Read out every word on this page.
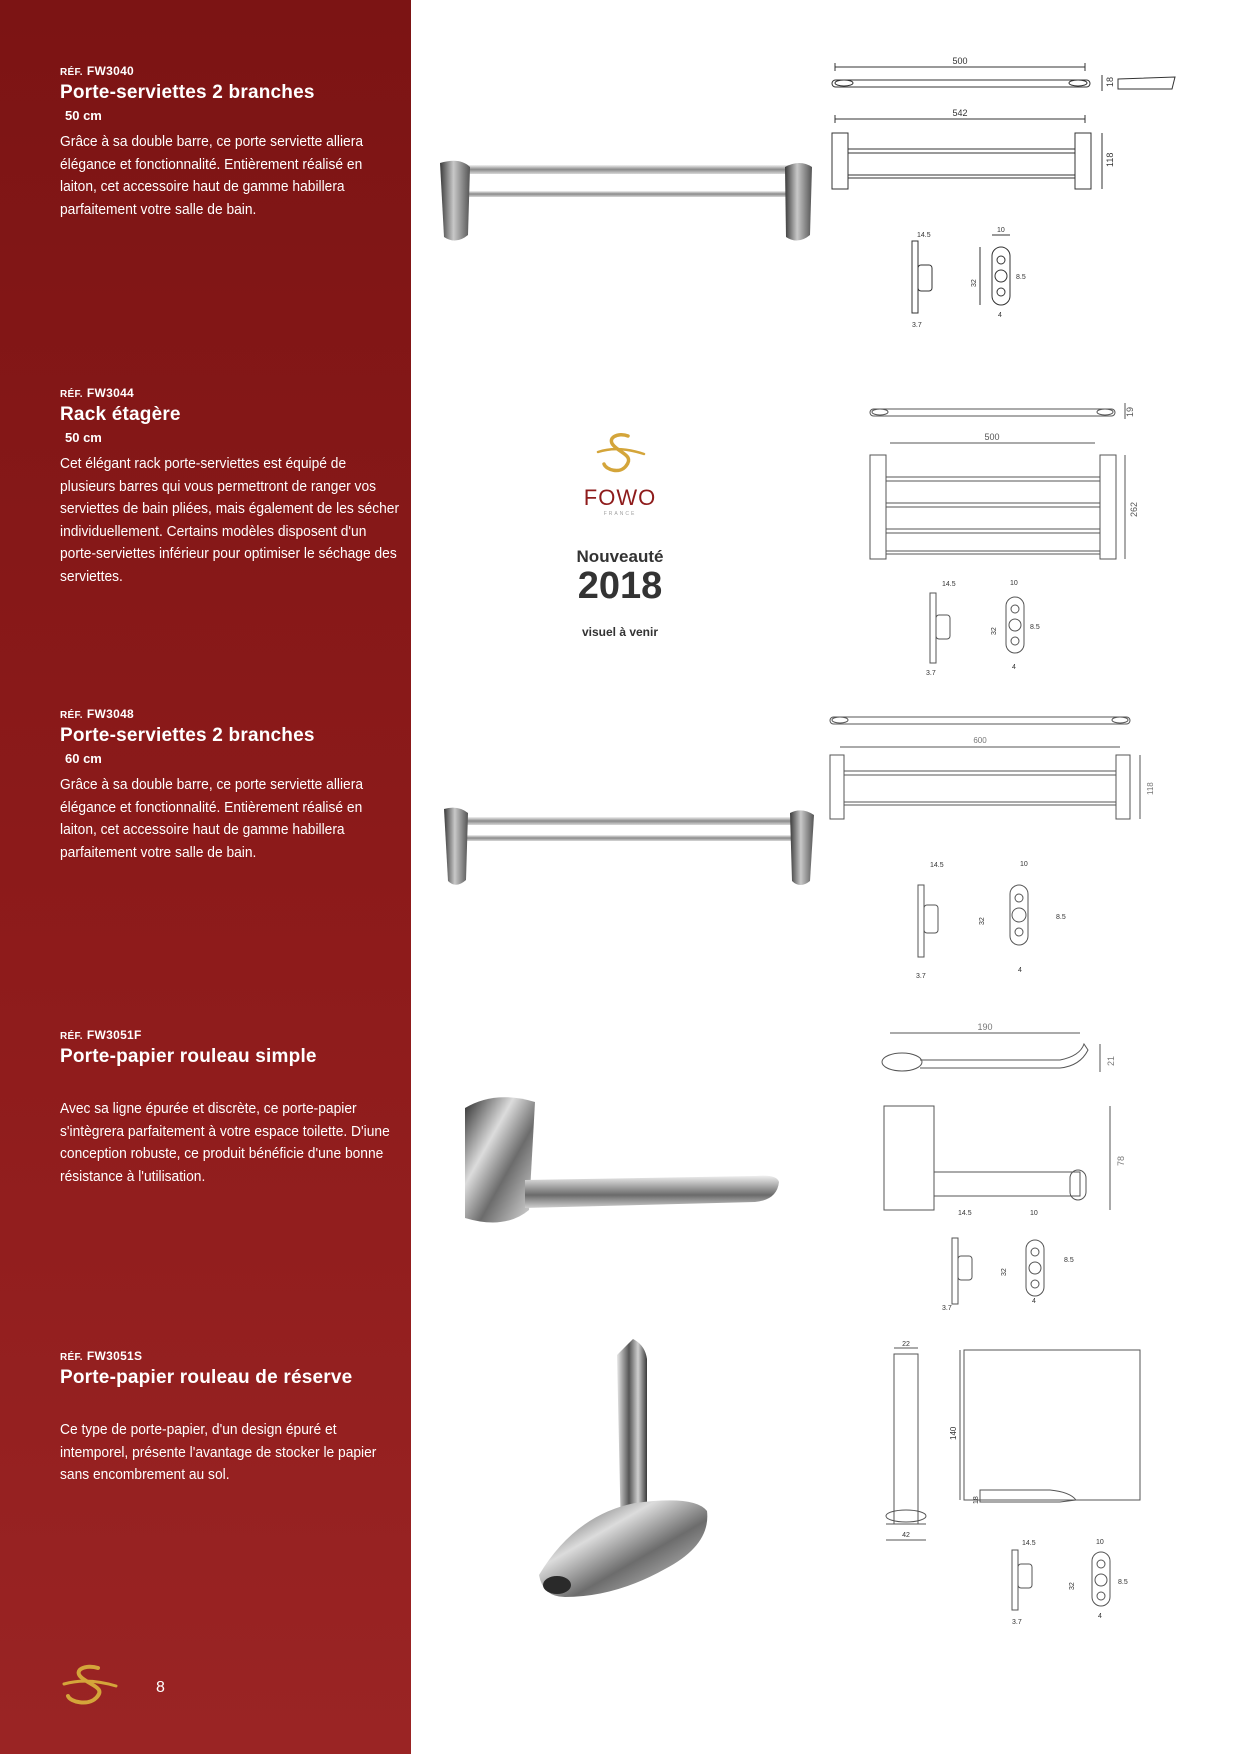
RÉF. FW3040
Porte-serviettes 2 branches
50 cm
Grâce à sa double barre, ce porte serviette alliera élégance et fonctionnalité. Entièrement réalisé en laiton, cet accessoire haut de gamme habillera parfaitement votre salle de bain.
RÉF. FW3044
Rack étagère
50 cm
Cet élégant rack porte-serviettes est équipé de plusieurs barres qui vous permettront de ranger vos serviettes de bain pliées, mais également de les sécher individuellement. Certains modèles disposent d'un porte-serviettes inférieur pour optimiser le séchage des serviettes.
RÉF. FW3048
Porte-serviettes 2 branches
60 cm
Grâce à sa double barre, ce porte serviette alliera élégance et fonctionnalité. Entièrement réalisé en laiton, cet accessoire haut de gamme habillera parfaitement votre salle de bain.
RÉF. FW3051F
Porte-papier rouleau simple
Avec sa ligne épurée et discrète, ce porte-papier s'intègrera parfaitement à votre espace toilette. D'iune conception robuste, ce produit bénéficie d'une bonne résistance à l'utilisation.
RÉF. FW3051S
Porte-papier rouleau de réserve
Ce type de porte-papier, d'un design épuré et intemporel, présente l'avantage de stocker le papier sans encombrement au sol.
8
500
18
542
118
14.5
10
32
8.5
3.7
4
FOWO
FRANCE
Nouveauté
2018
visuel à venir
19
500
262
14.5	10
32	8.5
3.7
4
600
118
14.5	10
32	8.5
3.7
4
190
21
78
14.5	10
32
8.5
3.7
4
22
140
18
42
14.5	10
32	8.5
3.7
4
